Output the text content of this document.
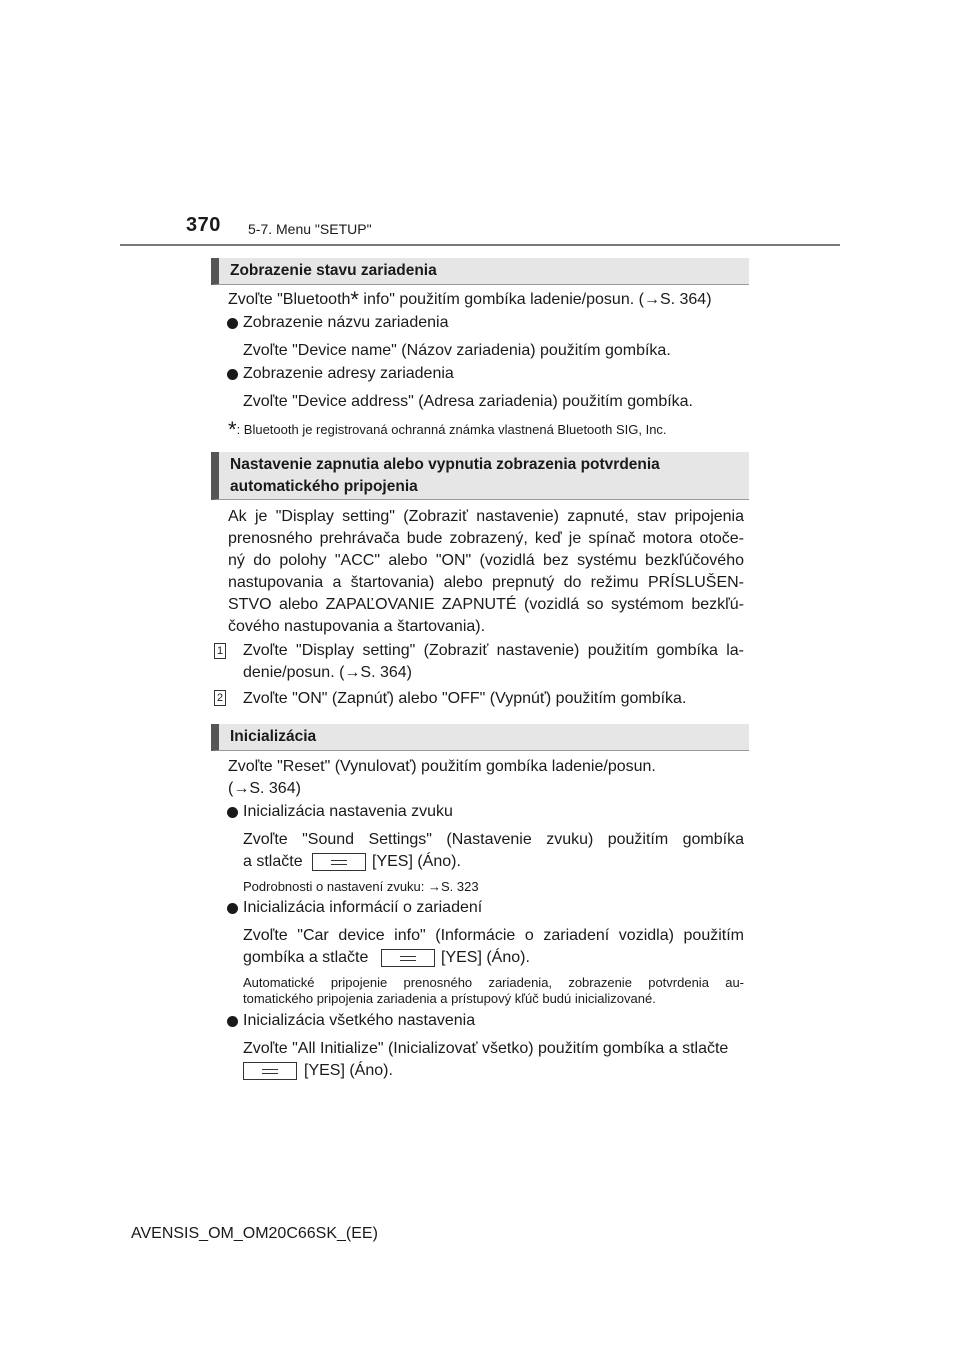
370 5-7. Menu "SETUP"
Zobrazenie stavu zariadenia
Zvoľte "Bluetooth* info" použitím gombíka ladenie/posun. (→S. 364)
Zobrazenie názvu zariadenia
Zvoľte "Device name" (Názov zariadenia) použitím gombíka.
Zobrazenie adresy zariadenia
Zvoľte "Device address" (Adresa zariadenia) použitím gombíka.
*: Bluetooth je registrovaná ochranná známka vlastnená Bluetooth SIG, Inc.
Nastavenie zapnutia alebo vypnutia zobrazenia potvrdenia
automatického pripojenia
Ak je "Display setting" (Zobraziť nastavenie) zapnuté, stav pripojenia
prenosného prehrávača bude zobrazený, keď je spínač motora otoče-
ný do polohy "ACC" alebo "ON" (vozidlá bez systému bezkľúčového
nastupovania a štartovania) alebo prepnutý do režimu PRÍSLUŠEN-
STVO alebo ZAPAĽOVANIE ZAPNUTÉ (vozidlá so systémom bezkľú-
čového nastupovania a štartovania).
1 Zvoľte "Display setting" (Zobraziť nastavenie) použitím gombíka la-
denie/posun. (→S. 364)
2 Zvoľte "ON" (Zapnúť) alebo "OFF" (Vypnúť) použitím gombíka.
Inicializácia
Zvoľte "Reset" (Vynulovať) použitím gombíka ladenie/posun.
(→S. 364)
Inicializácia nastavenia zvuku
Zvoľte "Sound Settings" (Nastavenie zvuku) použitím gombíka
a stlačte	[YES] (Áno).
Podrobnosti o nastavení zvuku: →S. 323
Inicializácia informácií o zariadení
Zvoľte "Car device info" (Informácie o zariadení vozidla) použitím
gombíka a stlačte	[YES] (Áno).
Automatické pripojenie prenosného zariadenia, zobrazenie potvrdenia au-
tomatického pripojenia zariadenia a prístupový kľúč budú inicializované.
Inicializácia všetkého nastavenia
Zvoľte "All Initialize" (Inicializovať všetko) použitím gombíka a stlačte
[YES] (Áno).
AVENSIS_OM_OM20C66SK_(EE)
